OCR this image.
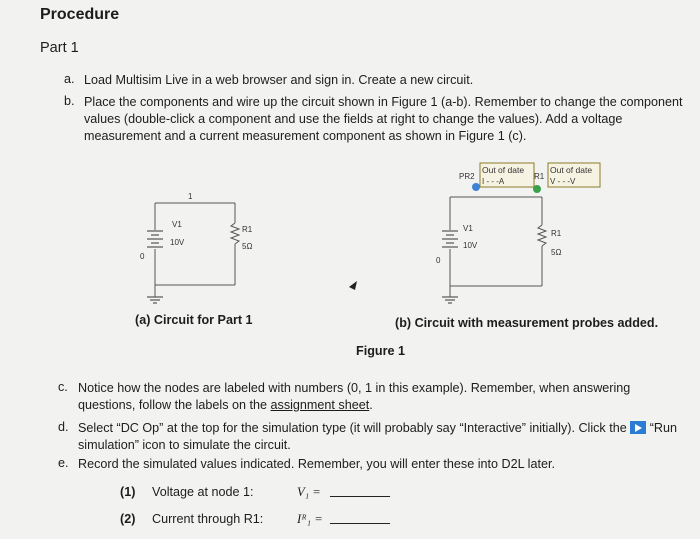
Procedure
Part 1
a. Load Multisim Live in a web browser and sign in. Create a new circuit.
b. Place the components and wire up the circuit shown in Figure 1 (a-b). Remember to change the component
values (double-click a component and use the fields at right to change the values). Add a voltage
measurement and a current measurement component as shown in Figure 1 (c).
1
V1
10V
R1
5Ω
0
(a) Circuit for Part 1
Out of date
I - - -A
Out of date
V - - -V
PR2	R1
V1
10V
R1
5Ω
0
(b) Circuit with measurement probes added.
Figure 1
c. Notice how the nodes are labeled with numbers (0, 1 in this example). Remember, when answering
questions, follow the labels on the assignment sheet.
d. Select “DC Op” at the top for the simulation type (it will probably say “Interactive” initially). Click the “Run
simulation” icon to simulate the circuit.
e. Record the simulated values indicated. Remember, you will enter these into D2L later.
(1) Voltage at node 1:	V₁ =
(2) Current through R1:	Iᴿ₁ =
